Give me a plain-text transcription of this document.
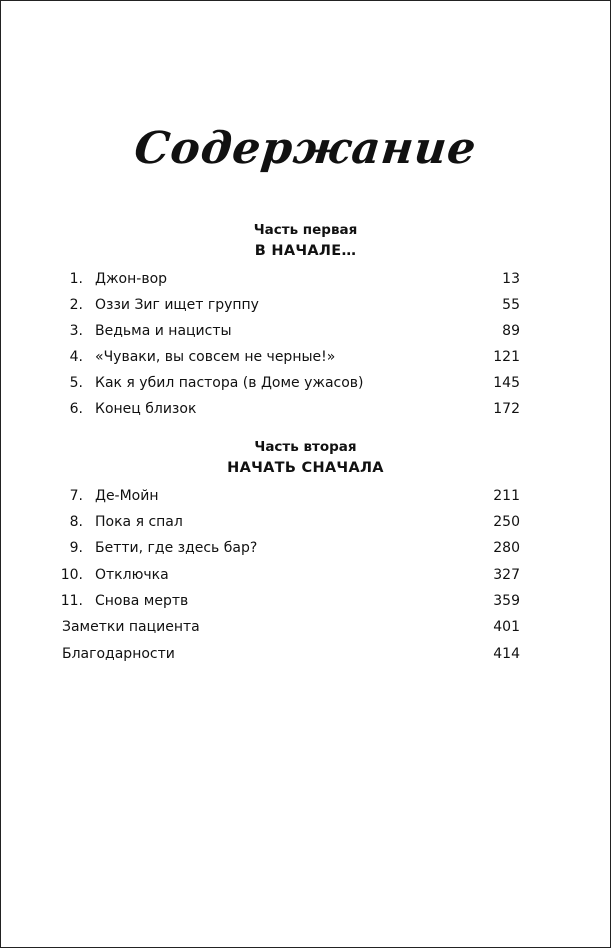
Содержание
Часть первая
В НАЧАЛЕ…
1. Джон-вор	13
2. Оззи Зиг ищет группу	55
3. Ведьма и нацисты	89
4. «Чуваки, вы совсем не черные!»	121
5. Как я убил пастора (в Доме ужасов)	145
6. Конец близок	172
Часть вторая
НАЧАТЬ СНАЧАЛА
7. Де-Мойн	211
8. Пока я спал	250
9. Бетти, где здесь бар?	280
10. Отключка	327
11. Снова мертв	359
Заметки пациента	401
Благодарности	414
